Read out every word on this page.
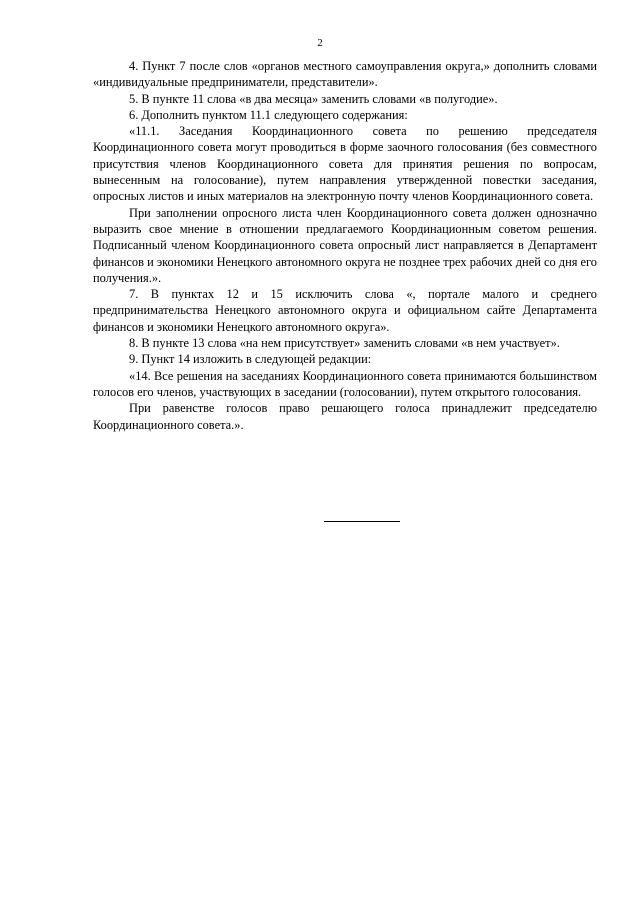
2

4. Пункт 7 после слов «органов местного самоуправления округа,» дополнить словами «индивидуальные предприниматели, представители».

5. В пункте 11 слова «в два месяца» заменить словами «в полугодие».

6. Дополнить пунктом 11.1 следующего содержания:

«11.1. Заседания Координационного совета по решению председателя Координационного совета могут проводиться в форме заочного голосования (без совместного присутствия членов Координационного совета для принятия решения по вопросам, вынесенным на голосование), путем направления утвержденной повестки заседания, опросных листов и иных материалов на электронную почту членов Координационного совета.

При заполнении опросного листа член Координационного совета должен однозначно выразить свое мнение в отношении предлагаемого Координационным советом решения. Подписанный членом Координационного совета опросный лист направляется в Департамент финансов и экономики Ненецкого автономного округа не позднее трех рабочих дней со дня его получения.».

7. В пунктах 12 и 15 исключить слова «, портале малого и среднего предпринимательства Ненецкого автономного округа и официальном сайте Департамента финансов и экономики Ненецкого автономного округа».

8. В пункте 13 слова «на нем присутствует» заменить словами «в нем участвует».

9. Пункт 14 изложить в следующей редакции:

«14. Все решения на заседаниях Координационного совета принимаются большинством голосов его членов, участвующих в заседании (голосовании), путем открытого голосования.

При равенстве голосов право решающего голоса принадлежит председателю Координационного совета.».
